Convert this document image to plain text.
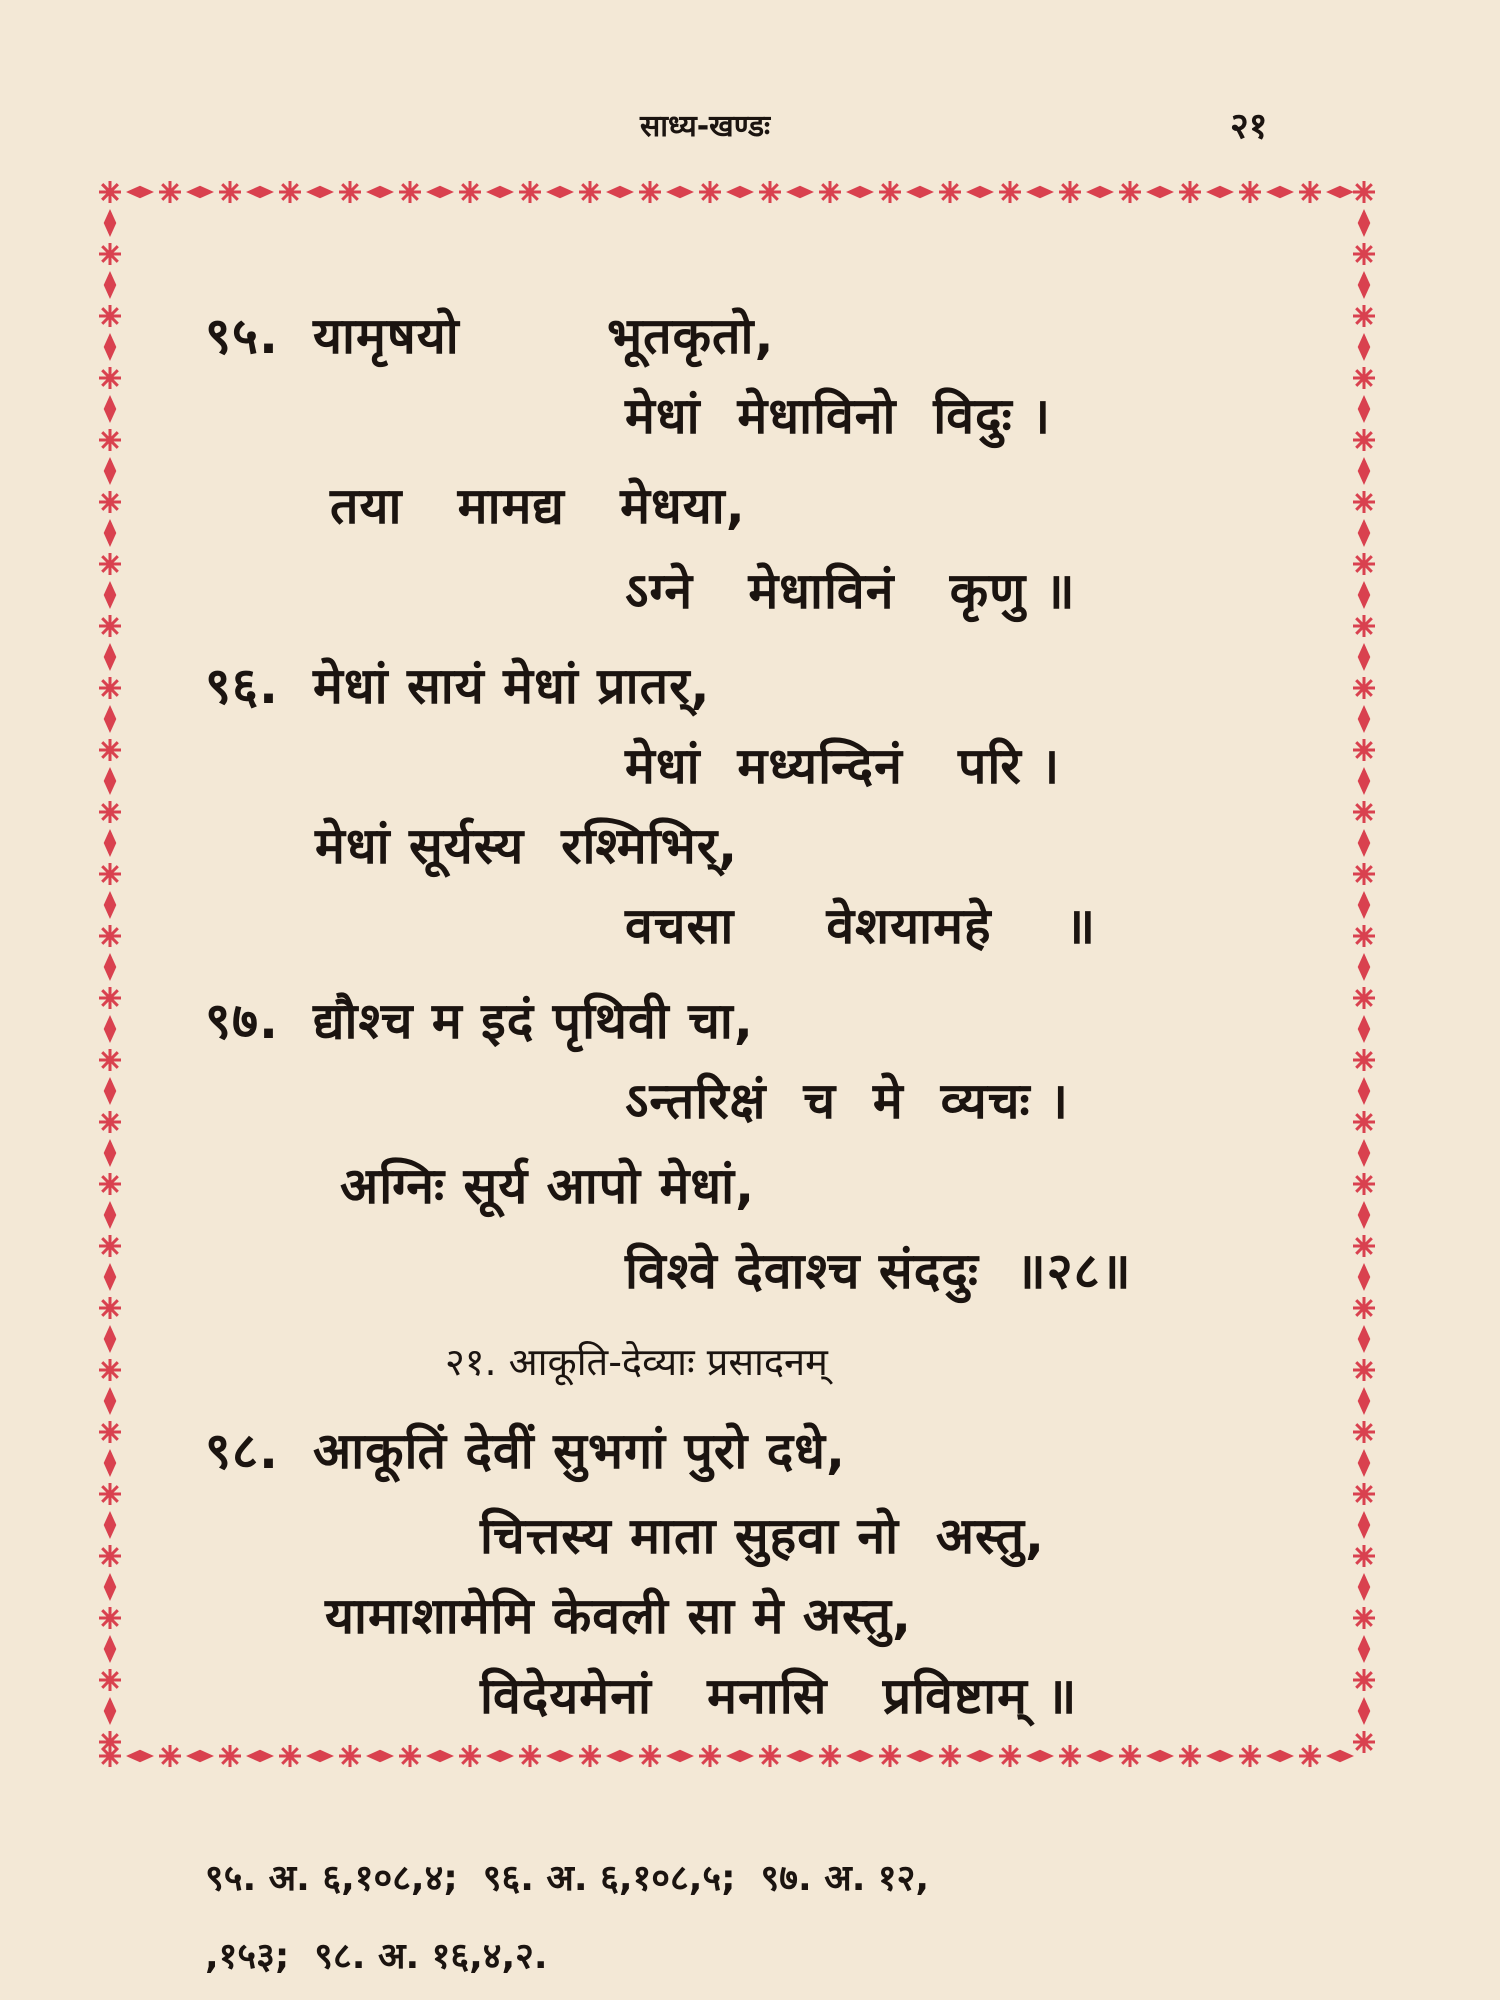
साध्य-खण्डः	२१
९५. यामृषयो        भूतकृतो,
मेधां  मेधाविनो  विदुः ।
तया   मामद्य   मेधया,
ऽग्ने   मेधाविनं   कृणु ॥
९६. मेधां सायं मेधां प्रातर्,
मेधां  मध्यन्दिनं   परि ।
मेधां सूर्यस्य  रश्मिभिर्,
वचसा     वेशयामहे    ॥
९७. द्यौश्च म इदं पृथिवी चा,
ऽन्तरिक्षं  च  मे  व्यचः ।
अग्निः सूर्य आपो मेधां,
विश्वे देवाश्च संददुः  ॥२८॥
२१. आकूति-देव्याः प्रसादनम्
९८. आकूतिं देवीं सुभगां पुरो दधे,
चित्तस्य माता सुहवा नो  अस्तु,
यामाशामेमि केवली सा मे अस्तु,
विदेयमेनां   मनासि   प्रविष्टाम् ॥
९५. अ. ६,१०८,४;  ९६. अ. ६,१०८,५;  ९७. अ. १२,
,१५३;  ९८. अ. १६,४,२.
